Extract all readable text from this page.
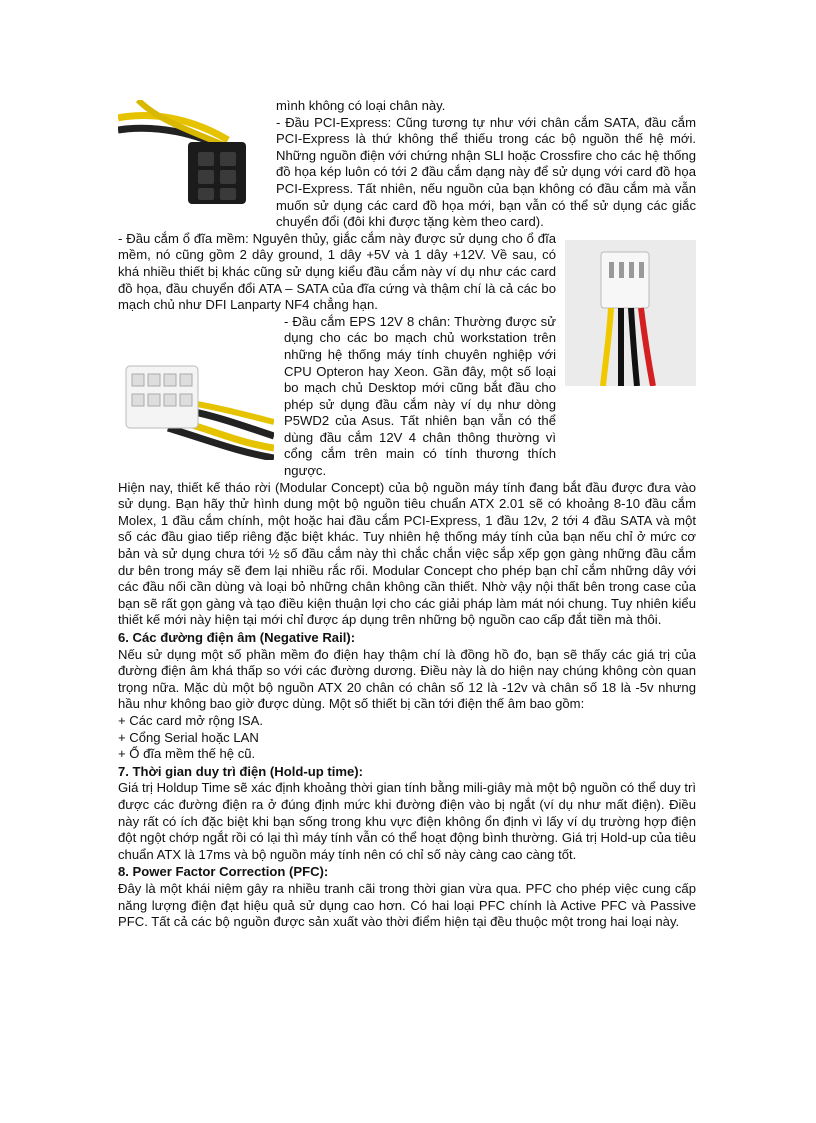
mình không có loại chân này.

- Đầu PCI-Express: Cũng tương tự như với chân cắm SATA, đầu cắm PCI-Express là thứ không thể thiếu trong các bộ nguồn thế hệ mới. Những nguồn điện với chứng nhận SLI hoặc Crossfire cho các hệ thống đồ họa kép luôn có tới 2 đầu cắm dạng này để sử dụng với card đồ họa PCI-Express. Tất nhiên, nếu nguồn của bạn không có đầu cắm mà vẫn muốn sử dụng các card đồ họa mới, bạn vẫn có thể sử dụng các giắc chuyển đổi (đôi khi được tặng kèm theo card).

- Đầu cắm ổ đĩa mềm: Nguyên thủy, giắc cắm này được sử dụng cho ổ đĩa mềm, nó cũng gồm 2 dây ground, 1 dây +5V và 1 dây +12V. Về sau, có khá nhiều thiết bị khác cũng sử dụng kiểu đầu cắm này ví dụ như các card đồ họa, đầu chuyển đổi ATA – SATA của đĩa cứng và thậm chí là cả các bo mạch chủ như DFI Lanparty NF4 chẳng hạn.

- Đầu cắm EPS 12V 8 chân: Thường được sử dụng cho các bo mạch chủ workstation trên những hệ thống máy tính chuyên nghiệp với CPU Opteron hay Xeon. Gần đây, một số loại bo mạch chủ Desktop mới cũng bắt đầu cho phép sử dụng đầu cắm này ví dụ như dòng P5WD2 của Asus. Tất nhiên bạn vẫn có thể dùng đầu cắm 12V 4 chân thông thường vì cổng cắm trên main có tính thương thích ngược.

Hiện nay, thiết kế tháo rời (Modular Concept) của bộ nguồn máy tính đang bắt đầu được đưa vào sử dụng. Bạn hãy thử hình dung một bộ nguồn tiêu chuẩn ATX 2.01 sẽ có khoảng 8-10 đầu cắm Molex, 1 đầu cắm chính, một hoặc hai đầu cắm PCI-Express, 1 đầu 12v, 2 tới 4 đầu SATA và một số các đầu giao tiếp riêng đặc biệt khác. Tuy nhiên hệ thống máy tính của bạn nếu chỉ ở mức cơ bản và sử dụng chưa tới ½ số đầu cắm này thì chắc chắn việc sắp xếp gọn gàng những đầu cắm dư bên trong máy sẽ đem lại nhiều rắc rối. Modular Concept cho phép bạn chỉ cắm những dây với các đầu nối cần dùng và loại bỏ những chân không cần thiết. Nhờ vậy nội thất bên trong case của bạn sẽ rất gọn gàng và tạo điều kiện thuận lợi cho các giải pháp làm mát nói chung. Tuy nhiên kiểu thiết kế mới này hiện tại mới chỉ được áp dụng trên những bộ nguồn cao cấp đắt tiền mà thôi.

6. Các đường điện âm (Negative Rail):

Nếu sử dụng một số phần mềm đo điện hay thậm chí là đồng hồ đo, bạn sẽ thấy các giá trị của đường điện âm khá thấp so với các đường dương. Điều này là do hiện nay chúng không còn quan trọng nữa. Mặc dù một bộ nguồn ATX 20 chân có chân số 12 là -12v và chân số 18 là -5v nhưng hầu như không bao giờ được dùng. Một số thiết bị cần tới điện thế âm bao gồm:

+ Các card mở rộng ISA.

+ Cổng Serial hoặc LAN

+ Ổ đĩa mềm thế hệ cũ.

7. Thời gian duy trì điện (Hold-up time):

Giá trị Holdup Time sẽ xác định khoảng thời gian tính bằng mili-giây mà một bộ nguồn có thể duy trì được các đường điện ra ở đúng định mức khi đường điện vào bị ngắt (ví dụ như mất điện). Điều này rất có ích đặc biệt khi bạn sống trong khu vực điện không ổn định vì lấy ví dụ trường hợp điện đột ngột chớp ngắt rồi có lại thì máy tính vẫn có thể hoạt động bình thường. Giá trị Hold-up của tiêu chuẩn ATX là 17ms và bộ nguồn máy tính nên có chỉ số này càng cao càng tốt.

8. Power Factor Correction (PFC):

Đây là một khái niệm gây ra nhiều tranh cãi trong thời gian vừa qua. PFC cho phép việc cung cấp năng lượng điện đạt hiệu quả sử dụng cao hơn. Có hai loại PFC chính là Active PFC và Passive PFC. Tất cả các bộ nguồn được sản xuất vào thời điểm hiện tại đều thuộc một trong hai loại này.
